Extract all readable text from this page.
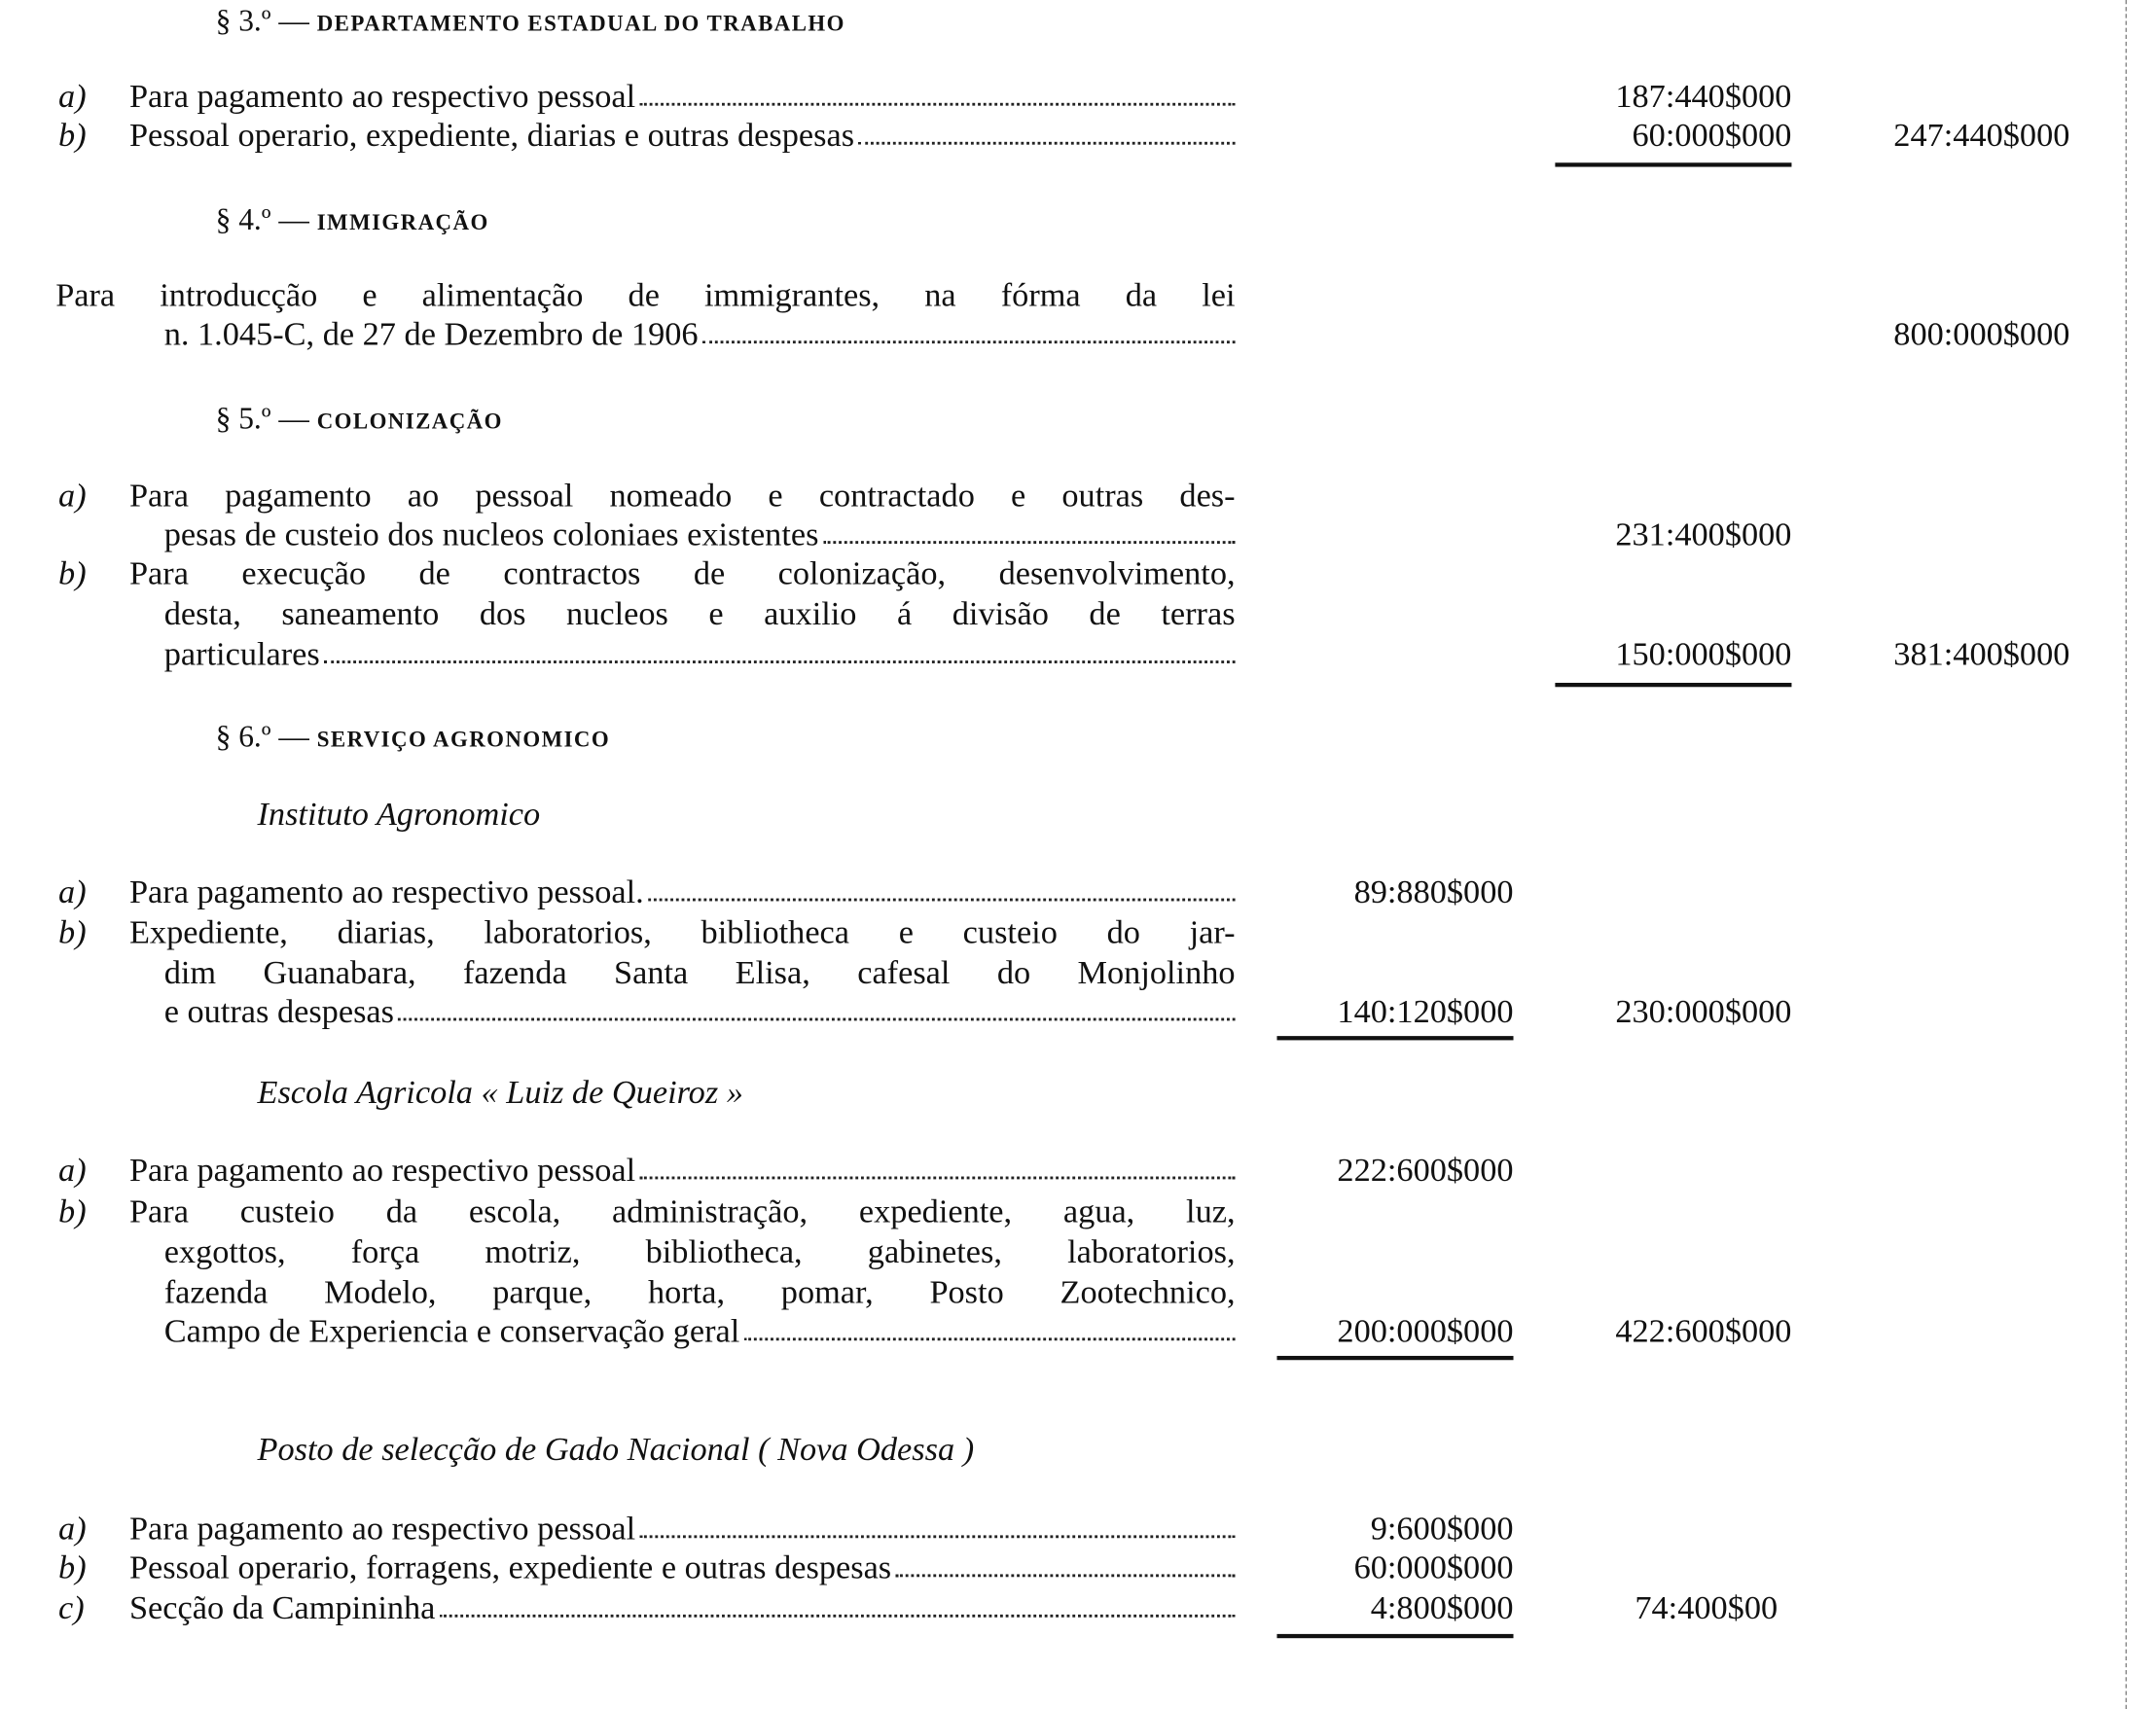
§ 3.º — DEPARTAMENTO ESTADUAL DO TRABALHO
a) Para pagamento ao respectivo pessoal	187:440$000
b) Pessoal operario, expediente, diarias e outras despesas	60:000$000	247:440$000
§ 4.º — IMMIGRAÇÃO
Para introducção e alimentação de immigrantes, na fórma da lei
n. 1.045-C, de 27 de Dezembro de 1906	800:000$000
§ 5.º — COLONIZAÇÃO
a) Para pagamento ao pessoal nomeado e contractado e outras des-
pesas de custeio dos nucleos coloniaes existentes	231:400$000
b) Para execução de contractos de colonização, desenvolvimento,
desta, saneamento dos nucleos e auxilio á divisão de terras
particulares	150:000$000	381:400$000
§ 6.º — SERVIÇO AGRONOMICO
Instituto Agronomico
a) Para pagamento ao respectivo pessoal.	89:880$000
b) Expediente, diarias, laboratorios, bibliotheca e custeio do jar-
dim Guanabara, fazenda Santa Elisa, cafesal do Monjolinho
e outras despesas	140:120$000	230:000$000
Escola Agricola « Luiz de Queiroz »
a) Para pagamento ao respectivo pessoal	222:600$000
b) Para custeio da escola, administração, expediente, agua, luz,
exgottos, força motriz, bibliotheca, gabinetes, laboratorios,
fazenda Modelo, parque, horta, pomar, Posto Zootechnico,
Campo de Experiencia e conservação geral	200:000$000	422:600$000
Posto de selecção de Gado Nacional ( Nova Odessa )
a) Para pagamento ao respectivo pessoal	9:600$000
b) Pessoal operario, forragens, expediente e outras despesas	60:000$000
c) Secção da Campininha	4:800$000	74:400$00
